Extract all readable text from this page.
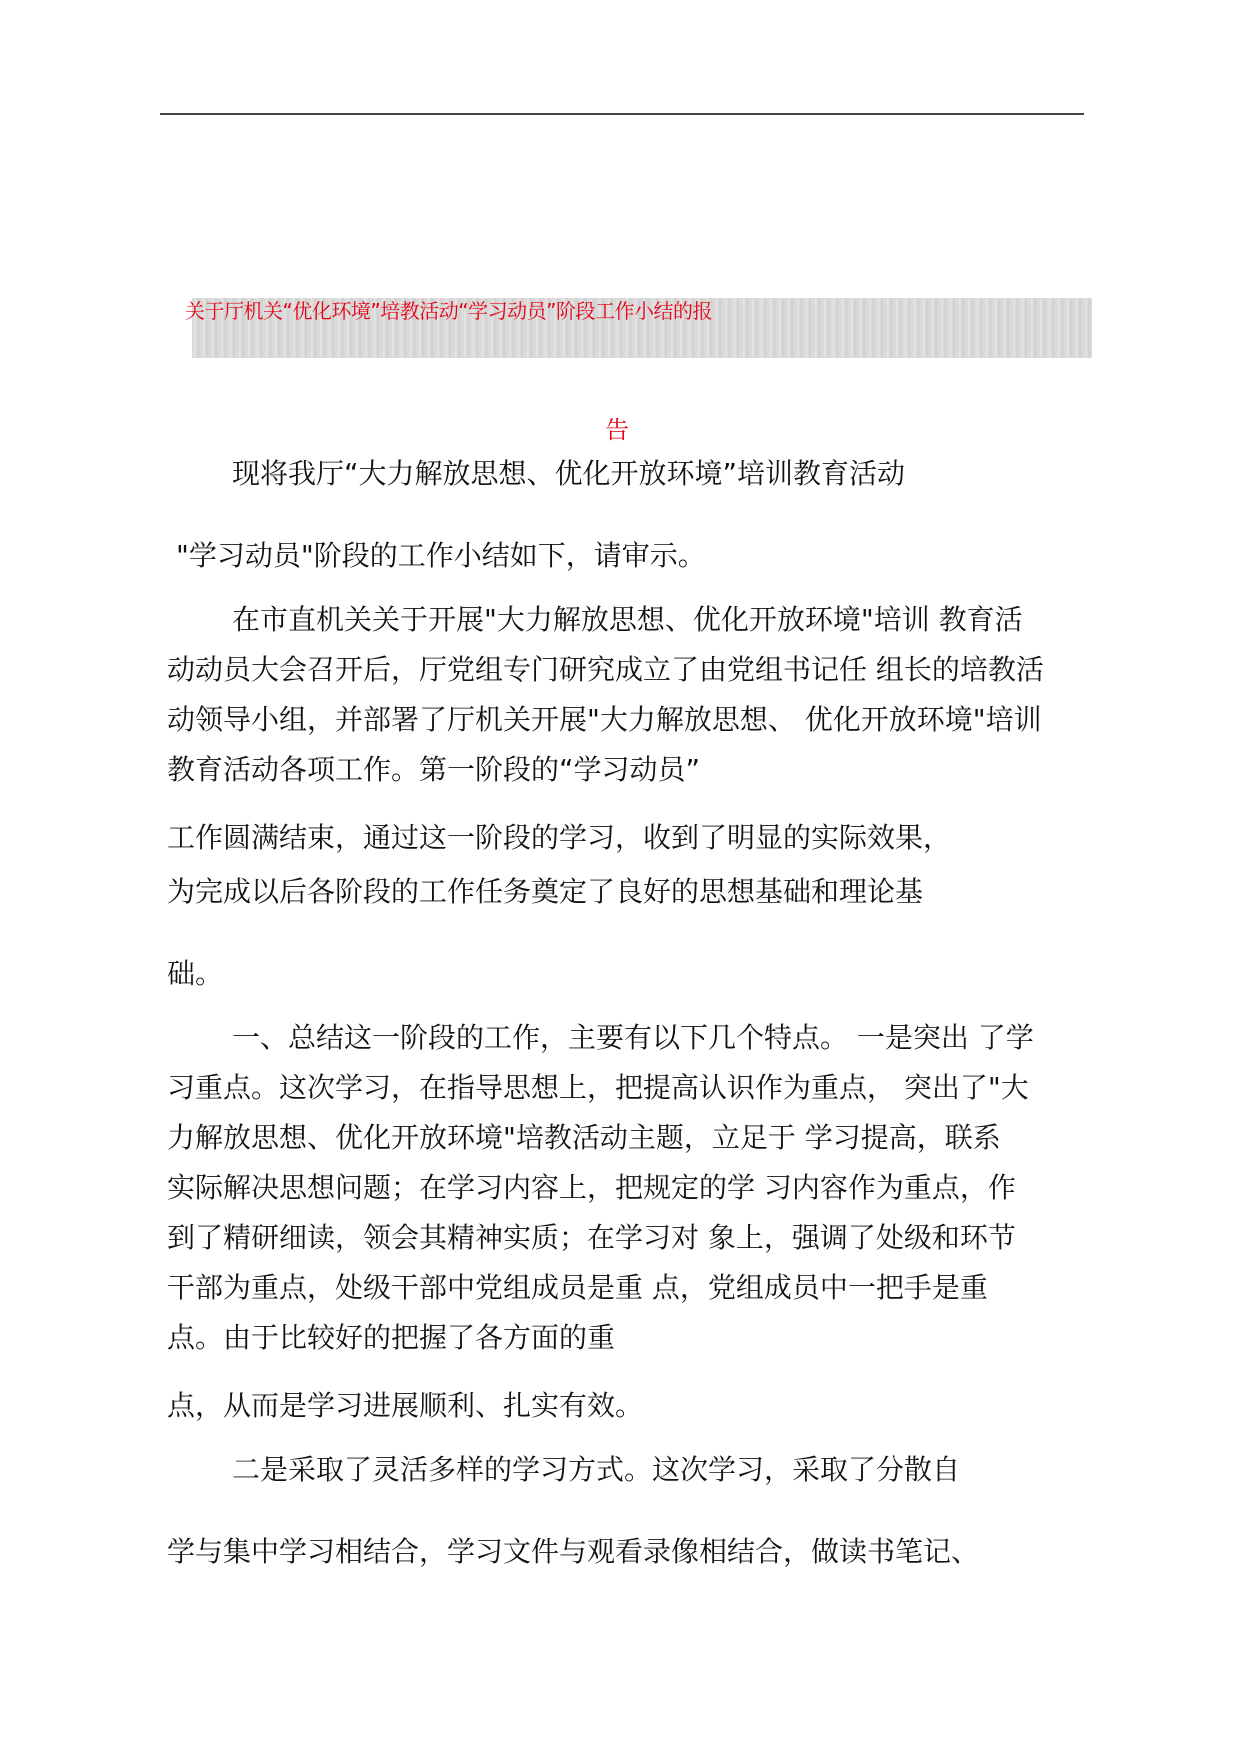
关于厅机关“优化环境”培教活动“学习动员”阶段工作小结的报
告
现将我厅“大力解放思想、优化开放环境”培训教育活动
"学习动员"阶段的工作小结如下，请审示。
在市直机关关于开展"大力解放思想、优化开放环境"培训 教育活
动动员大会召开后，厅党组专门研究成立了由党组书记任 组长的培教活
动领导小组，并部署了厅机关开展"大力解放思想、 优化开放环境"培训
教育活动各项工作。第一阶段的“学习动员”
工作圆满结束，通过这一阶段的学习，收到了明显的实际效果，
为完成以后各阶段的工作任务奠定了良好的思想基础和理论基
础。
一、总结这一阶段的工作，主要有以下几个特点。 一是突出 了学
习重点。这次学习，在指导思想上，把提高认识作为重点， 突出了"大
力解放思想、优化开放环境"培教活动主题，立足于 学习提高，联系
实际解决思想问题；在学习内容上，把规定的学 习内容作为重点，作
到了精研细读，领会其精神实质；在学习对 象上，强调了处级和环节
干部为重点，处级干部中党组成员是重 点，党组成员中一把手是重
点。由于比较好的把握了各方面的重
点，从而是学习进展顺利、扎实有效。
二是采取了灵活多样的学习方式。这次学习，采取了分散自
学与集中学习相结合，学习文件与观看录像相结合，做读书笔记、
